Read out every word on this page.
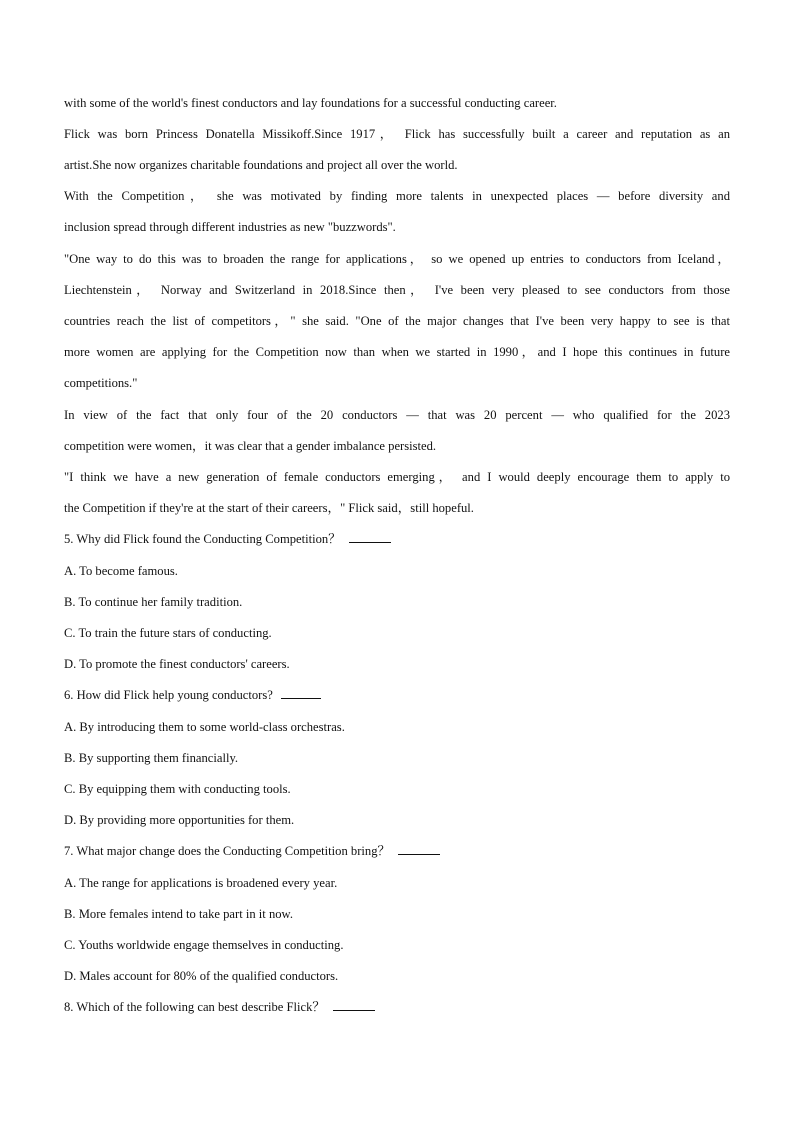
with some of the world's finest conductors and lay foundations for a successful conducting career.
Flick was born Princess Donatella Missikoff.Since 1917， Flick has successfully built a career and reputation as an
artist.She now organizes charitable foundations and project all over the world.
With the Competition， she was motivated by finding more talents in unexpected places — before diversity and
inclusion spread through different industries as new "buzzwords".
"One way to do this was to broaden the range for applications， so we opened up entries to conductors from Iceland，
Liechtenstein， Norway and Switzerland in 2018.Since then， I've been very pleased to see conductors from those
countries reach the list of competitors，" she said. "One of the major changes that I've been very happy to see is that
more women are applying for the Competition now than when we started in 1990，and I hope this continues in future
competitions."
In view of the fact that only four of the 20 conductors — that was 20 percent — who qualified for the 2023
competition were women，it was clear that a gender imbalance persisted.
"I think we have a new generation of female conductors emerging， and I would deeply encourage them to apply to
the Competition if they're at the start of their careers，" Flick said，still hopeful.
5. Why did Flick found the Conducting Competition？
A. To become famous.
B. To continue her family tradition.
C. To train the future stars of conducting.
D. To promote the finest conductors' careers.
6. How did Flick help young conductors?
A. By introducing them to some world-class orchestras.
B. By supporting them financially.
C. By equipping them with conducting tools.
D. By providing more opportunities for them.
7. What major change does the Conducting Competition bring？
A. The range for applications is broadened every year.
B. More females intend to take part in it now.
C. Youths worldwide engage themselves in conducting.
D. Males account for 80% of the qualified conductors.
8. Which of the following can best describe Flick？
